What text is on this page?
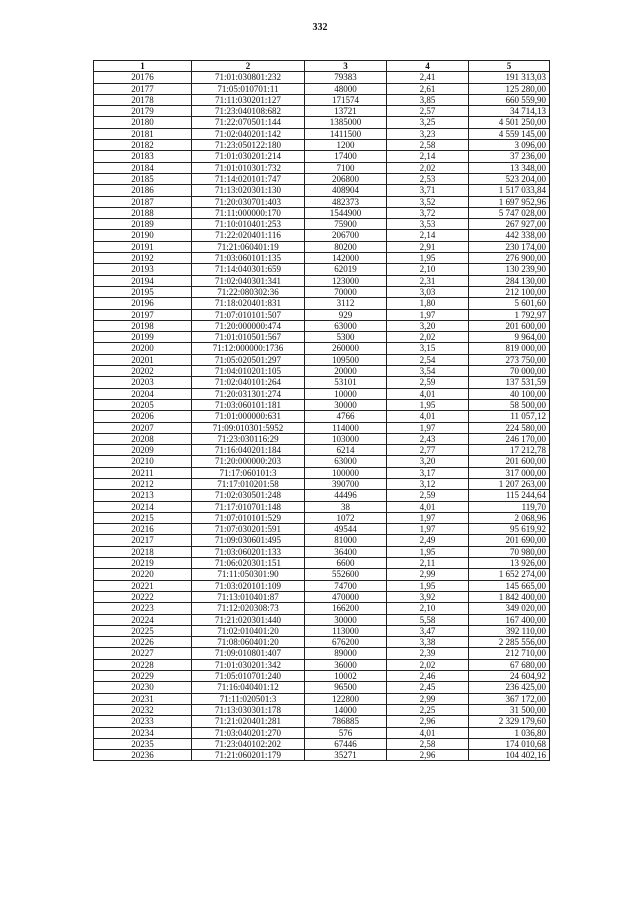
332
1	2	3	4	5
20176	71:01:030801:232	79383	2,41	191 313,03
20177	71:05:010701:11	48000	2,61	125 280,00
20178	71:11:030201:127	171574	3,85	660 559,90
20179	71:23:040108:682	13721	2,57	34 714,13
20180	71:22:070501:144	1385000	3,25	4 501 250,00
20181	71:02:040201:142	1411500	3,23	4 559 145,00
20182	71:23:050122:180	1200	2,58	3 096,00
20183	71:01:030201:214	17400	2,14	37 236,00
20184	71:01:010301:732	7100	2,02	13 348,00
20185	71:14:020101:747	206800	2,53	523 204,00
20186	71:13:020301:130	408904	3,71	1 517 033,84
20187	71:20:030701:403	482373	3,52	1 697 952,96
20188	71:11:000000:170	1544900	3,72	5 747 028,00
20189	71:10:010401:253	75900	3,53	267 927,00
20190	71:22:020401:116	206700	2,14	442 338,00
20191	71:21:060401:19	80200	2,91	230 174,00
20192	71:03:060101:135	142000	1,95	276 900,00
20193	71:14:040301:659	62019	2,10	130 239,90
20194	71:02:040301:341	123000	2,31	284 130,00
20195	71:22:080302:36	70000	3,03	212 100,00
20196	71:18:020401:831	3112	1,80	5 601,60
20197	71:07:010101:507	929	1,97	1 792,97
20198	71:20:000000:474	63000	3,20	201 600,00
20199	71:01:010501:567	5300	2,02	9 964,00
20200	71:12:000000:1736	260000	3,15	819 000,00
20201	71:05:020501:297	109500	2,54	273 750,00
20202	71:04:010201:105	20000	3,54	70 000,00
20203	71:02:040101:264	53101	2,59	137 531,59
20204	71:20:031301:274	10000	4,01	40 100,00
20205	71:03:060101:181	30000	1,95	58 500,00
20206	71:01:000000:631	4766	4,01	11 057,12
20207	71:09:010301:5952	114000	1,97	224 580,00
20208	71:23:030116:29	103000	2,43	246 170,00
20209	71:16:040201:184	6214	2,77	17 212,78
20210	71:20:000000:203	63000	3,20	201 600,00
20211	71:17:060101:3	100000	3,17	317 000,00
20212	71:17:010201:58	390700	3,12	1 207 263,00
20213	71:02:030501:248	44496	2,59	115 244,64
20214	71:17:010701:148	38	4,01	119,70
20215	71:07:010101:529	1072	1,97	2 068,96
20216	71:07:030201:591	49544	1,97	95 619,92
20217	71:09:030601:495	81000	2,49	201 690,00
20218	71:03:060201:133	36400	1,95	70 980,00
20219	71:06:020301:151	6600	2,11	13 926,00
20220	71:11:050301:90	552600	2,99	1 652 274,00
20221	71:03:020101:109	74700	1,95	145 665,00
20222	71:13:010401:87	470000	3,92	1 842 400,00
20223	71:12:020308:73	166200	2,10	349 020,00
20224	71:21:020301:440	30000	5,58	167 400,00
20225	71:02:010401:20	113000	3,47	392 110,00
20226	71:08:060401:20	676200	3,38	2 285 556,00
20227	71:09:010801:407	89000	2,39	212 710,00
20228	71:01:030201:342	36000	2,02	67 680,00
20229	71:05:010701:240	10002	2,46	24 604,92
20230	71:16:040401:12	96500	2,45	236 425,00
20231	71:11:020501:3	122800	2,99	367 172,00
20232	71:13:030301:178	14000	2,25	31 500,00
20233	71:21:020401:281	786885	2,96	2 329 179,60
20234	71:03:040201:270	576	4,01	1 036,80
20235	71:23:040102:202	67446	2,58	174 010,68
20236	71:21:060201:179	35271	2,96	104 402,16
